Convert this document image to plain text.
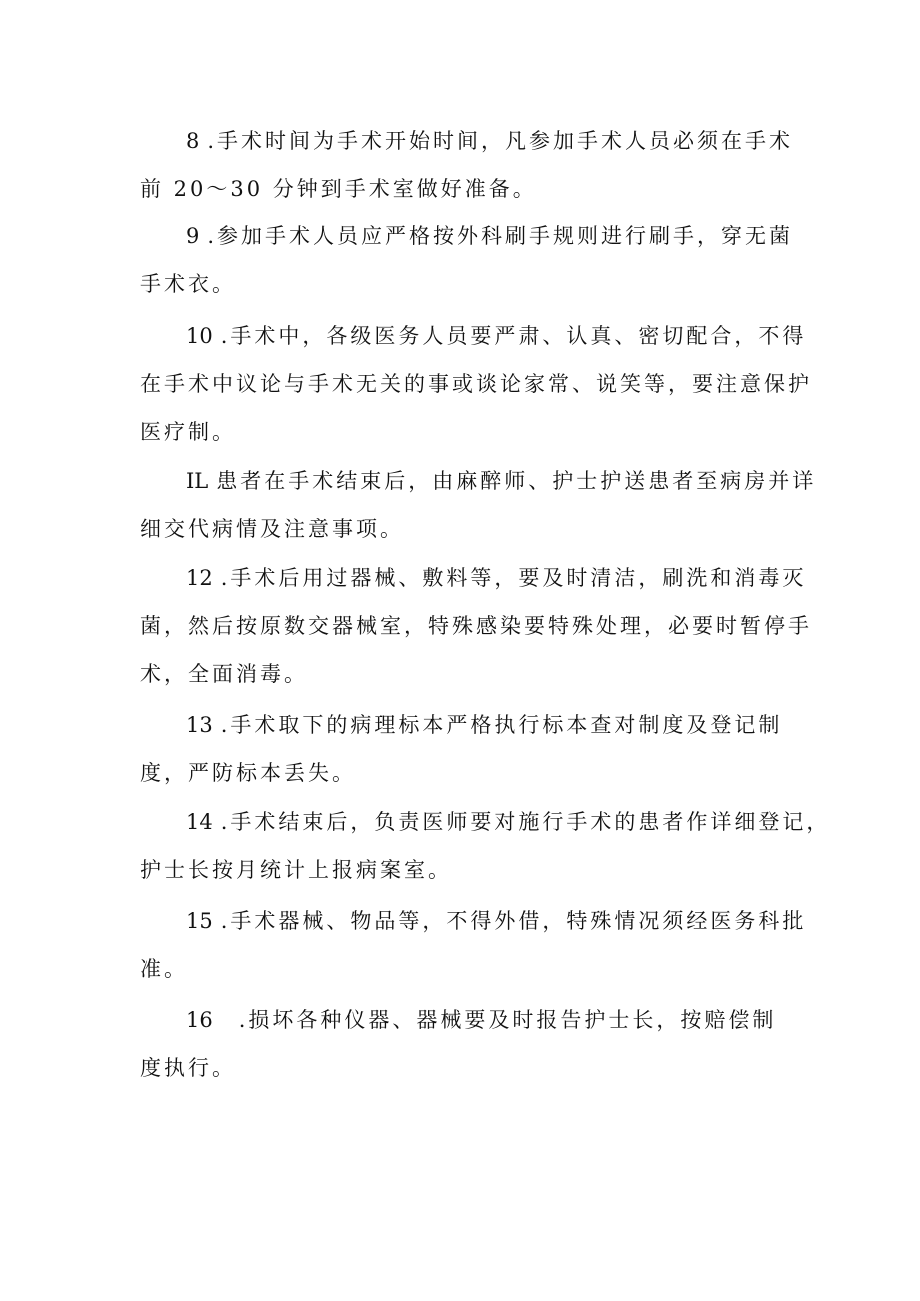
8 .手术时间为手术开始时间，凡参加手术人员必须在手术
前 20～30 分钟到手术室做好准备。
9 .参加手术人员应严格按外科刷手规则进行刷手，穿无菌
手术衣。
10 .手术中，各级医务人员要严肃、认真、密切配合，不得
在手术中议论与手术无关的事或谈论家常、说笑等，要注意保护
医疗制。
IL 患者在手术结束后，由麻醉师、护士护送患者至病房并详
细交代病情及注意事项。
12 .手术后用过器械、敷料等，要及时清洁，刷洗和消毒灭
菌，然后按原数交器械室，特殊感染要特殊处理，必要时暂停手
术，全面消毒。
13 .手术取下的病理标本严格执行标本查对制度及登记制
度，严防标本丢失。
14 .手术结束后，负责医师要对施行手术的患者作详细登记，
护士长按月统计上报病案室。
15 .手术器械、物品等，不得外借，特殊情况须经医务科批
准。
16 .损坏各种仪器、器械要及时报告护士长，按赔偿制
度执行。
